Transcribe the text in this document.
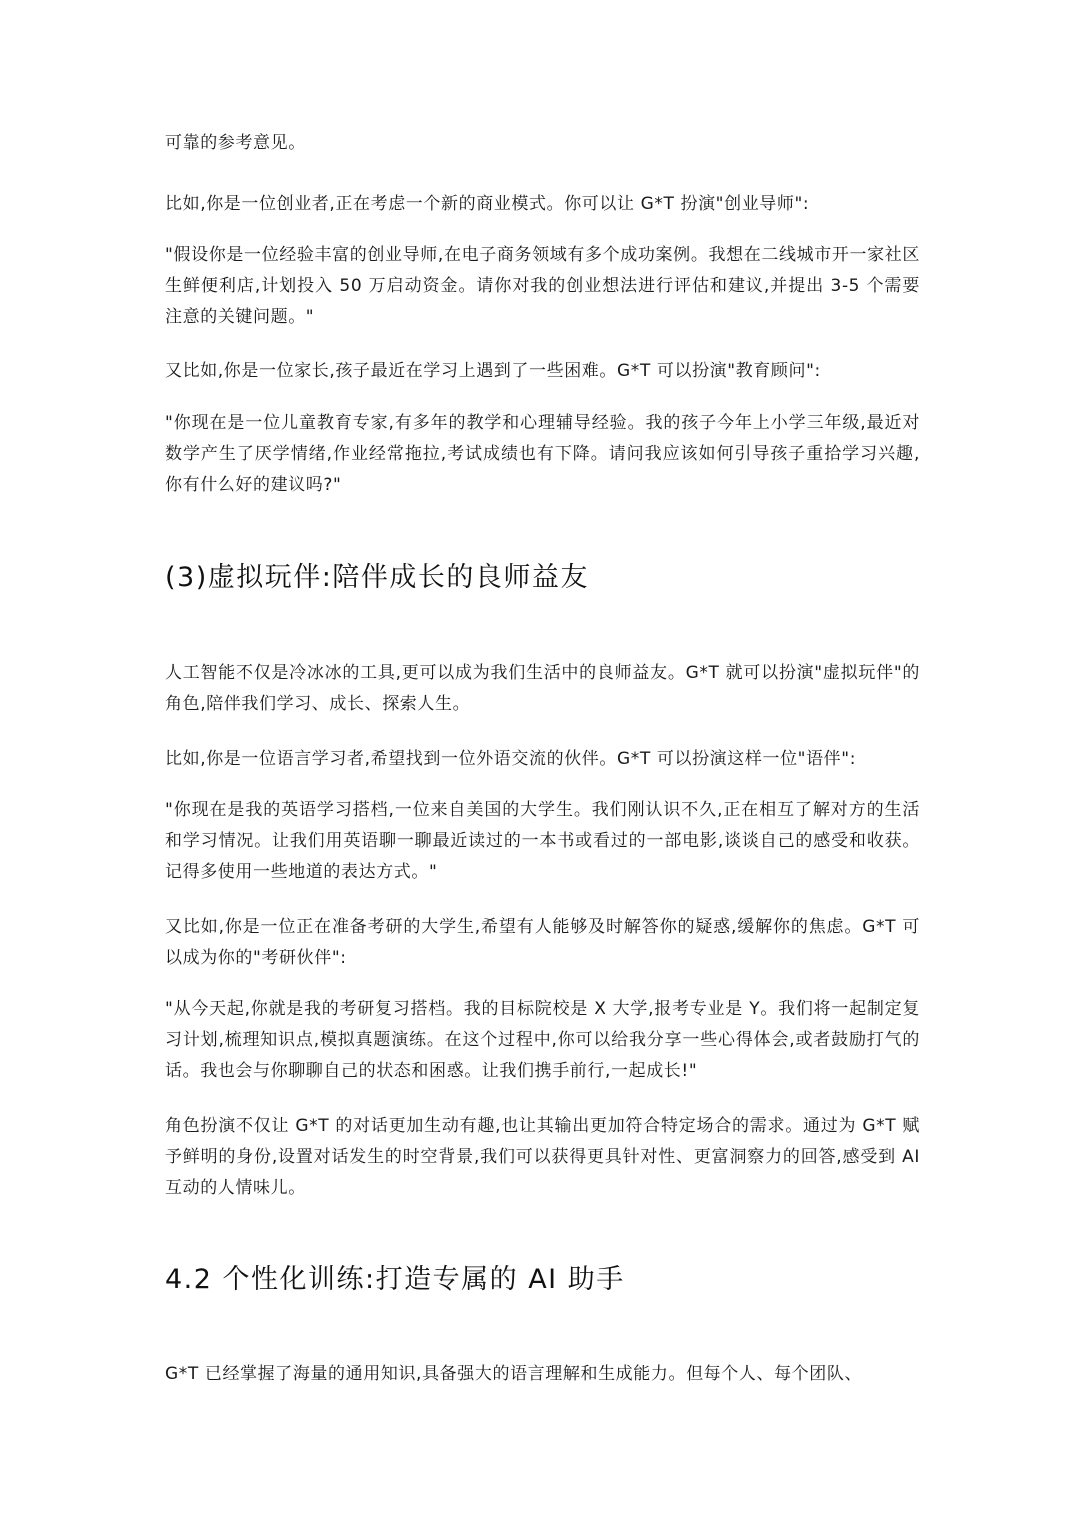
可靠的参考意见。

比如,你是一位创业者,正在考虑一个新的商业模式。你可以让 G*T 扮演"创业导师":

"假设你是一位经验丰富的创业导师,在电子商务领域有多个成功案例。我想在二线城市开一家社区生鲜便利店,计划投入 50 万启动资金。请你对我的创业想法进行评估和建议,并提出 3-5 个需要注意的关键问题。"

又比如,你是一位家长,孩子最近在学习上遇到了一些困难。G*T 可以扮演"教育顾问":

"你现在是一位儿童教育专家,有多年的教学和心理辅导经验。我的孩子今年上小学三年级,最近对数学产生了厌学情绪,作业经常拖拉,考试成绩也有下降。请问我应该如何引导孩子重拾学习兴趣,你有什么好的建议吗?"

(3)虚拟玩伴:陪伴成长的良师益友

人工智能不仅是冷冰冰的工具,更可以成为我们生活中的良师益友。G*T 就可以扮演"虚拟玩伴"的角色,陪伴我们学习、成长、探索人生。

比如,你是一位语言学习者,希望找到一位外语交流的伙伴。G*T 可以扮演这样一位"语伴":

"你现在是我的英语学习搭档,一位来自美国的大学生。我们刚认识不久,正在相互了解对方的生活和学习情况。让我们用英语聊一聊最近读过的一本书或看过的一部电影,谈谈自己的感受和收获。记得多使用一些地道的表达方式。"

又比如,你是一位正在准备考研的大学生,希望有人能够及时解答你的疑惑,缓解你的焦虑。G*T 可以成为你的"考研伙伴":

"从今天起,你就是我的考研复习搭档。我的目标院校是 X 大学,报考专业是 Y。我们将一起制定复习计划,梳理知识点,模拟真题演练。在这个过程中,你可以给我分享一些心得体会,或者鼓励打气的话。我也会与你聊聊自己的状态和困惑。让我们携手前行,一起成长!"

角色扮演不仅让 G*T 的对话更加生动有趣,也让其输出更加符合特定场合的需求。通过为 G*T 赋予鲜明的身份,设置对话发生的时空背景,我们可以获得更具针对性、更富洞察力的回答,感受到 AI 互动的人情味儿。

4.2 个性化训练:打造专属的 AI 助手

G*T 已经掌握了海量的通用知识,具备强大的语言理解和生成能力。但每个人、每个团队、
